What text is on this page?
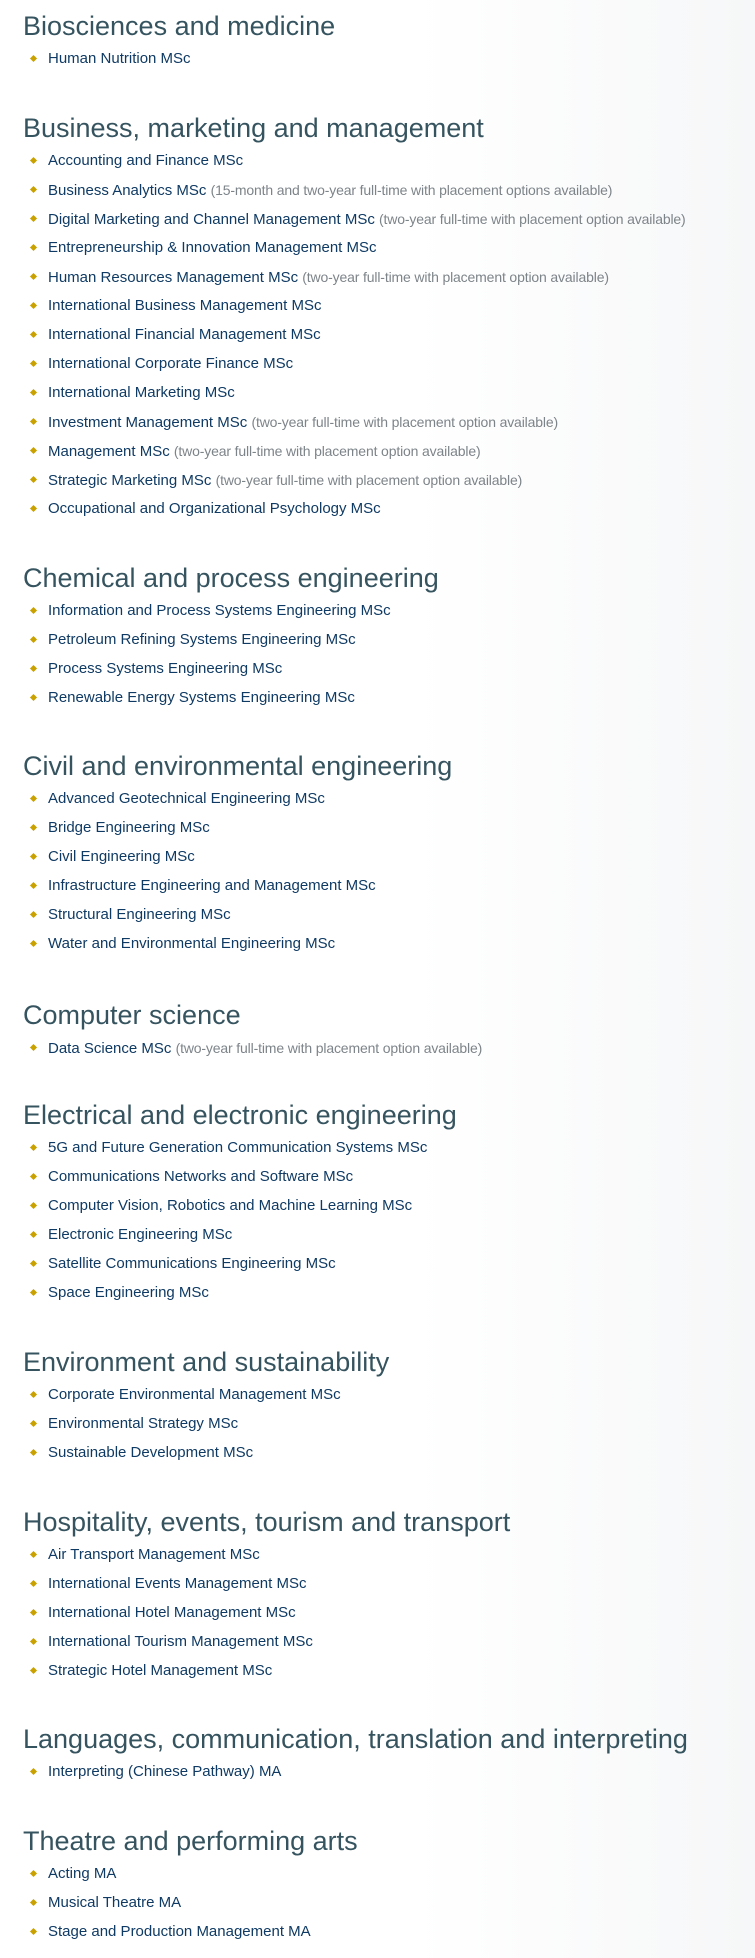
Biosciences and medicine
Human Nutrition MSc
Business, marketing and management
Accounting and Finance MSc
Business Analytics MSc (15-month and two-year full-time with placement options available)
Digital Marketing and Channel Management MSc (two-year full-time with placement option available)
Entrepreneurship & Innovation Management MSc
Human Resources Management MSc (two-year full-time with placement option available)
International Business Management MSc
International Financial Management MSc
International Corporate Finance MSc
International Marketing MSc
Investment Management MSc (two-year full-time with placement option available)
Management MSc (two-year full-time with placement option available)
Strategic Marketing MSc (two-year full-time with placement option available)
Occupational and Organizational Psychology MSc
Chemical and process engineering
Information and Process Systems Engineering MSc
Petroleum Refining Systems Engineering MSc
Process Systems Engineering MSc
Renewable Energy Systems Engineering MSc
Civil and environmental engineering
Advanced Geotechnical Engineering MSc
Bridge Engineering MSc
Civil Engineering MSc
Infrastructure Engineering and Management MSc
Structural Engineering MSc
Water and Environmental Engineering MSc
Computer science
Data Science MSc (two-year full-time with placement option available)
Electrical and electronic engineering
5G and Future Generation Communication Systems MSc
Communications Networks and Software MSc
Computer Vision, Robotics and Machine Learning MSc
Electronic Engineering MSc
Satellite Communications Engineering MSc
Space Engineering MSc
Environment and sustainability
Corporate Environmental Management MSc
Environmental Strategy MSc
Sustainable Development MSc
Hospitality, events, tourism and transport
Air Transport Management MSc
International Events Management MSc
International Hotel Management MSc
International Tourism Management MSc
Strategic Hotel Management MSc
Languages, communication, translation and interpreting
Interpreting (Chinese Pathway) MA
Theatre and performing arts
Acting MA
Musical Theatre MA
Stage and Production Management MA
